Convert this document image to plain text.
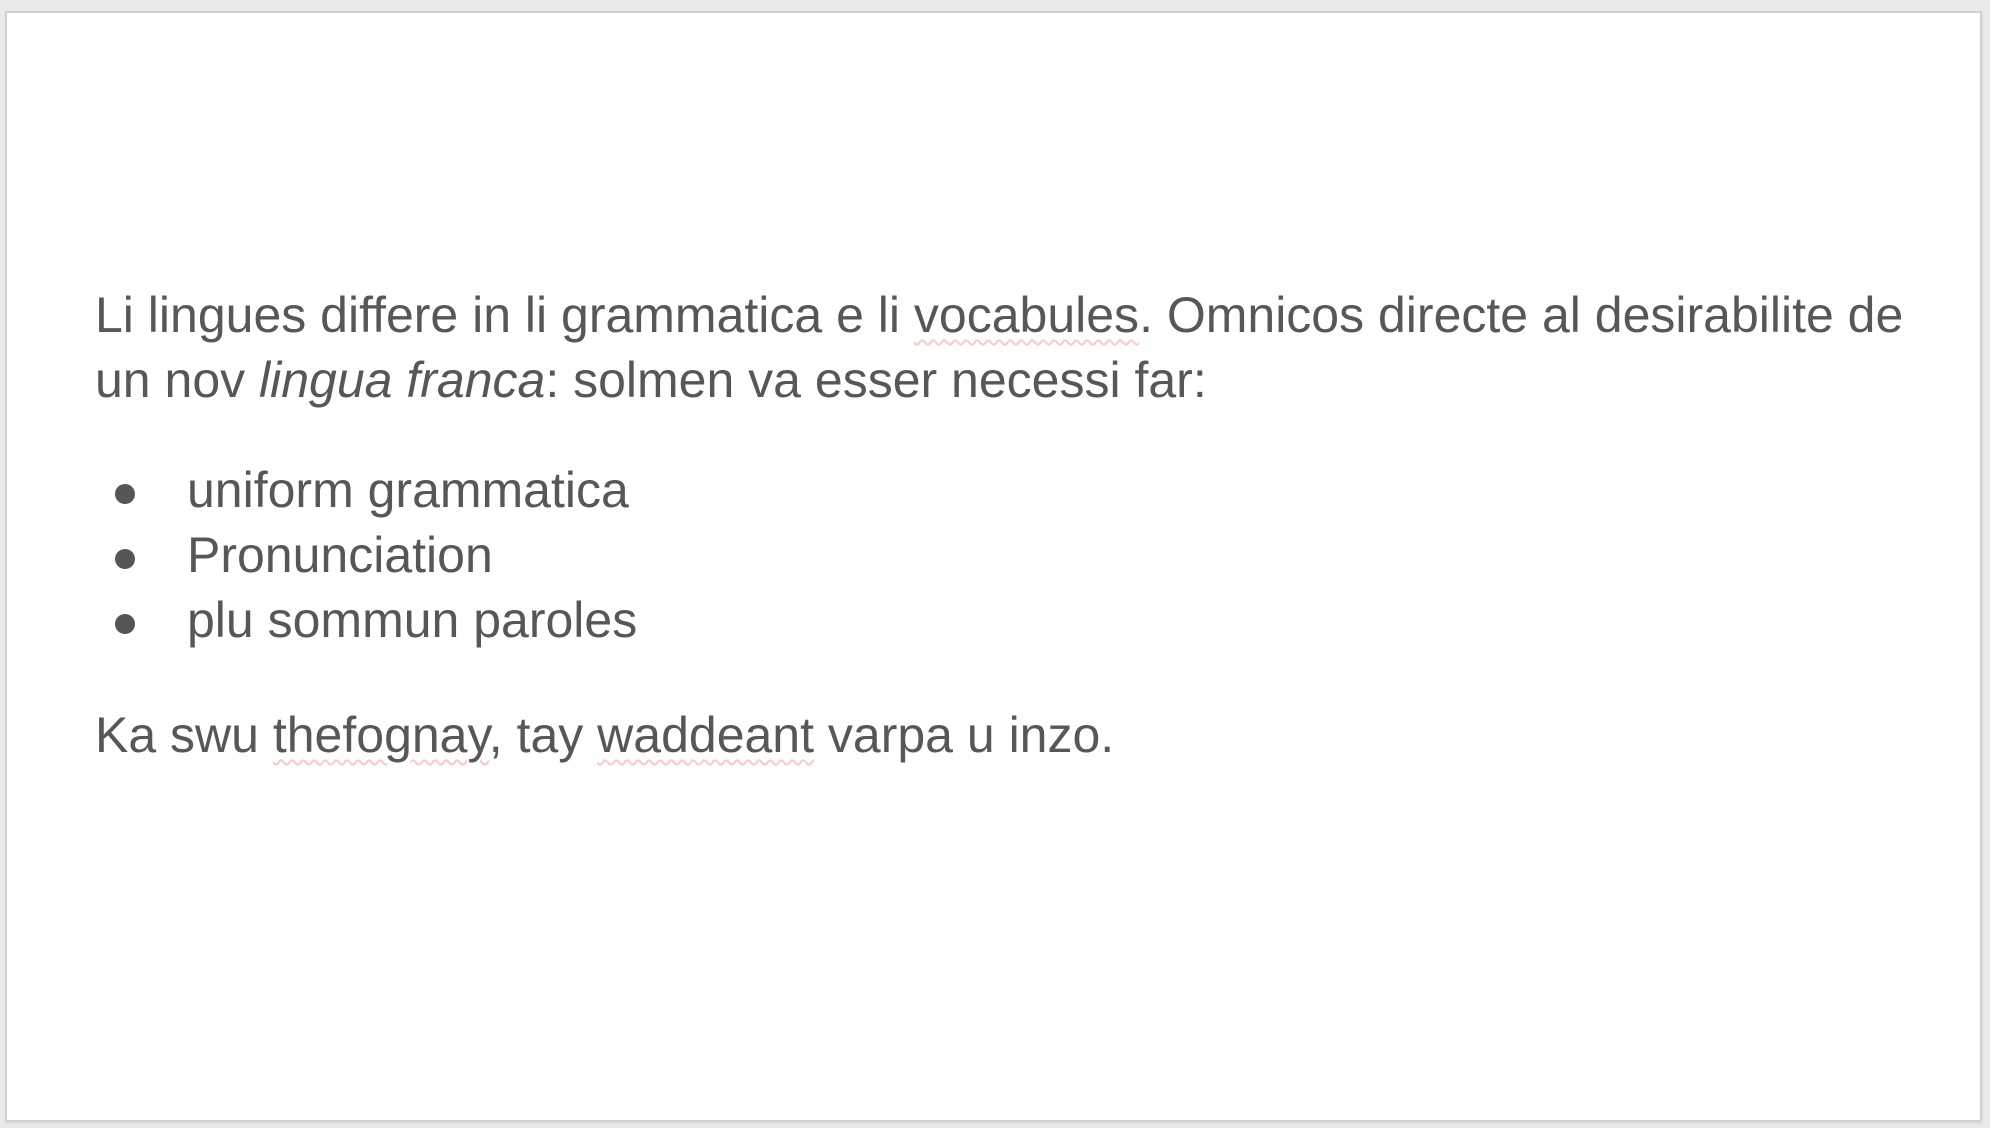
Li lingues differe in li grammatica e li vocabules. Omnicos directe al desirabilite de
un nov lingua franca: solmen va esser necessi far:
uniform grammatica
Pronunciation
plu sommun paroles
Ka swu thefognay, tay waddeant varpa u inzo.
